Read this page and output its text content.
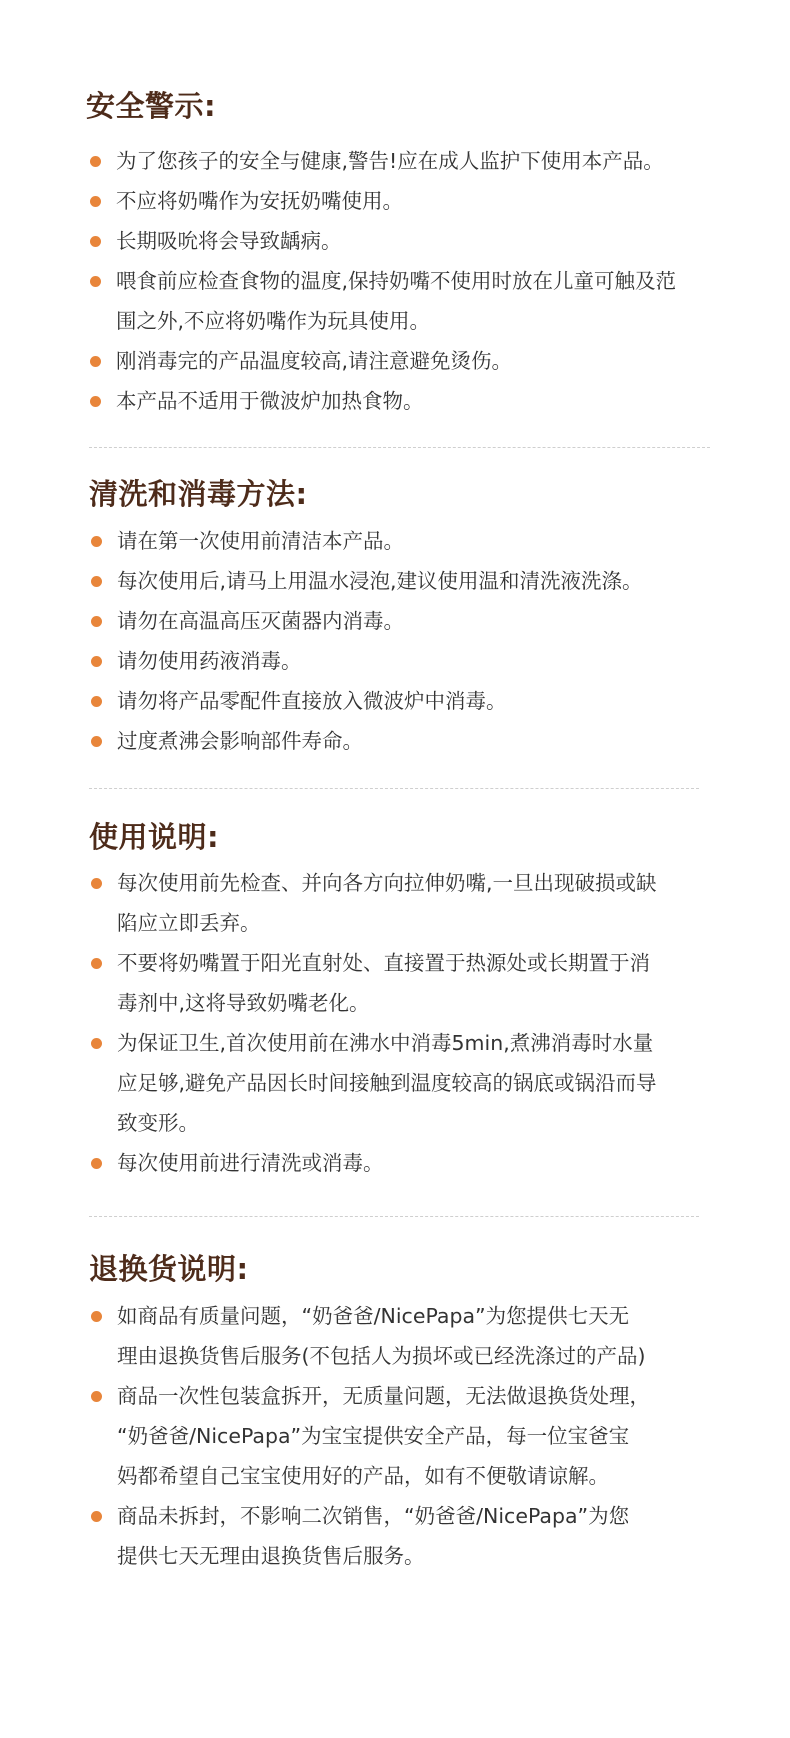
安全警示:
为了您孩子的安全与健康,警告!应在成人监护下使用本产品。
不应将奶嘴作为安抚奶嘴使用。
长期吸吮将会导致龋病。
喂食前应检查食物的温度,保持奶嘴不使用时放在儿童可触及范
围之外,不应将奶嘴作为玩具使用。
刚消毒完的产品温度较高,请注意避免烫伤。
本产品不适用于微波炉加热食物。
清洗和消毒方法:
请在第一次使用前清洁本产品。
每次使用后,请马上用温水浸泡,建议使用温和清洗液洗涤。
请勿在高温高压灭菌器内消毒。
请勿使用药液消毒。
请勿将产品零配件直接放入微波炉中消毒。
过度煮沸会影响部件寿命。
使用说明:
每次使用前先检查、并向各方向拉伸奶嘴,一旦出现破损或缺
陷应立即丢弃。
不要将奶嘴置于阳光直射处、直接置于热源处或长期置于消
毒剂中,这将导致奶嘴老化。
为保证卫生,首次使用前在沸水中消毒5min,煮沸消毒时水量
应足够,避免产品因长时间接触到温度较高的锅底或锅沿而导
致变形。
每次使用前进行清洗或消毒。
退换货说明:
如商品有质量问题，“奶爸爸/NicePapa”为您提供七天无
理由退换货售后服务(不包括人为损坏或已经洗涤过的产品)
商品一次性包装盒拆开，无质量问题，无法做退换货处理，
“奶爸爸/NicePapa”为宝宝提供安全产品，每一位宝爸宝
妈都希望自己宝宝使用好的产品，如有不便敬请谅解。
商品未拆封，不影响二次销售，“奶爸爸/NicePapa”为您
提供七天无理由退换货售后服务。
